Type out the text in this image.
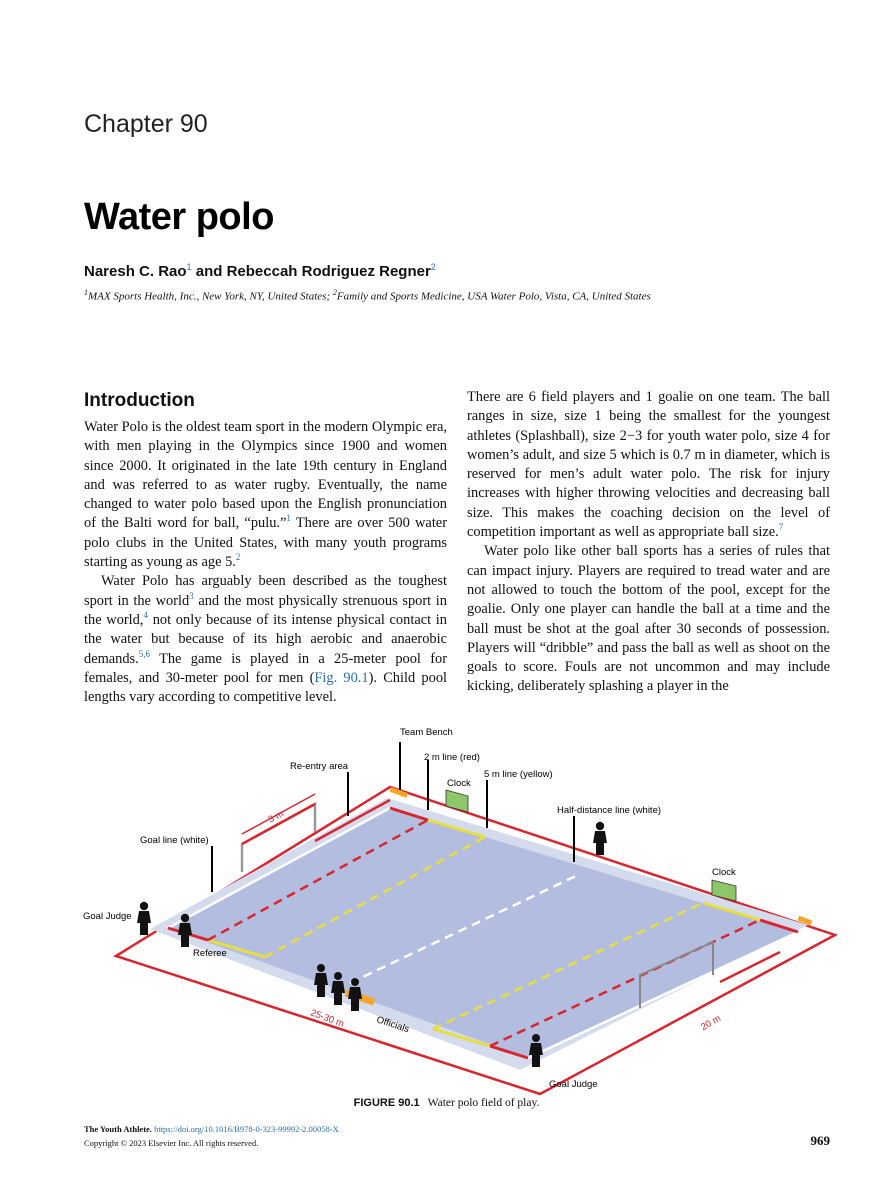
Chapter 90
Water polo
Naresh C. Rao$^1$ and Rebeccah Rodriguez Regner$^2$
$^1$MAX Sports Health, Inc., New York, NY, United States; $^2$Family and Sports Medicine, USA Water Polo, Vista, CA, United States
Introduction

Water Polo is the oldest team sport in the modern Olympic era, with men playing in the Olympics since 1900 and women since 2000. It originated in the late 19th century in England and was referred to as water rugby. Eventually, the name changed to water polo based upon the English pronunciation of the Balti word for ball, “pulu.”$^1$ There are over 500 water polo clubs in the United States, with many youth programs starting as young as age 5.$^2$

Water Polo has arguably been described as the toughest sport in the world$^3$ and the most physically strenuous sport in the world,$^4$ not only because of its intense physical contact in the water but because of its high aerobic and anaerobic demands.$^{5,6}$ The game is played in a 25-meter pool for females, and 30-meter pool for men (Fig. 90.1). Child pool lengths vary according to competitive level.

There are 6 field players and 1 goalie on one team. The ball ranges in size, size 1 being the smallest for the youngest athletes (Splashball), size 2−3 for youth water polo, size 4 for women’s adult, and size 5 which is 0.7 m in diameter, which is reserved for men’s adult water polo. The risk for injury increases with higher throwing velocities and decreasing ball size. This makes the coaching decision on the level of competition important as well as appropriate ball size.$^7$

Water polo like other ball sports has a series of rules that can impact injury. Players are required to tread water and are not allowed to touch the bottom of the pool, except for the goalie. Only one player can handle the ball at a time and the ball must be shot at the goal after 30 seconds of possession. Players will “dribble” and pass the ball as well as shoot on the goals to score. Fouls are not uncommon and may include kicking, deliberately splashing a player in the

Team Bench
2 m line (red)
Re-entry area
Clock
5 m line (yellow)
Half-distance line (white)
Goal line (white)
3 m
Clock
Goal Judge
Referee
Officials
25-30 m	20 m
Goal Judge
FIGURE 90.1 Water polo field of play.
The Youth Athlete. https://doi.org/10.1016/B978-0-323-99992-2.00058-X
Copyright © 2023 Elsevier Inc. All rights reserved.	969
